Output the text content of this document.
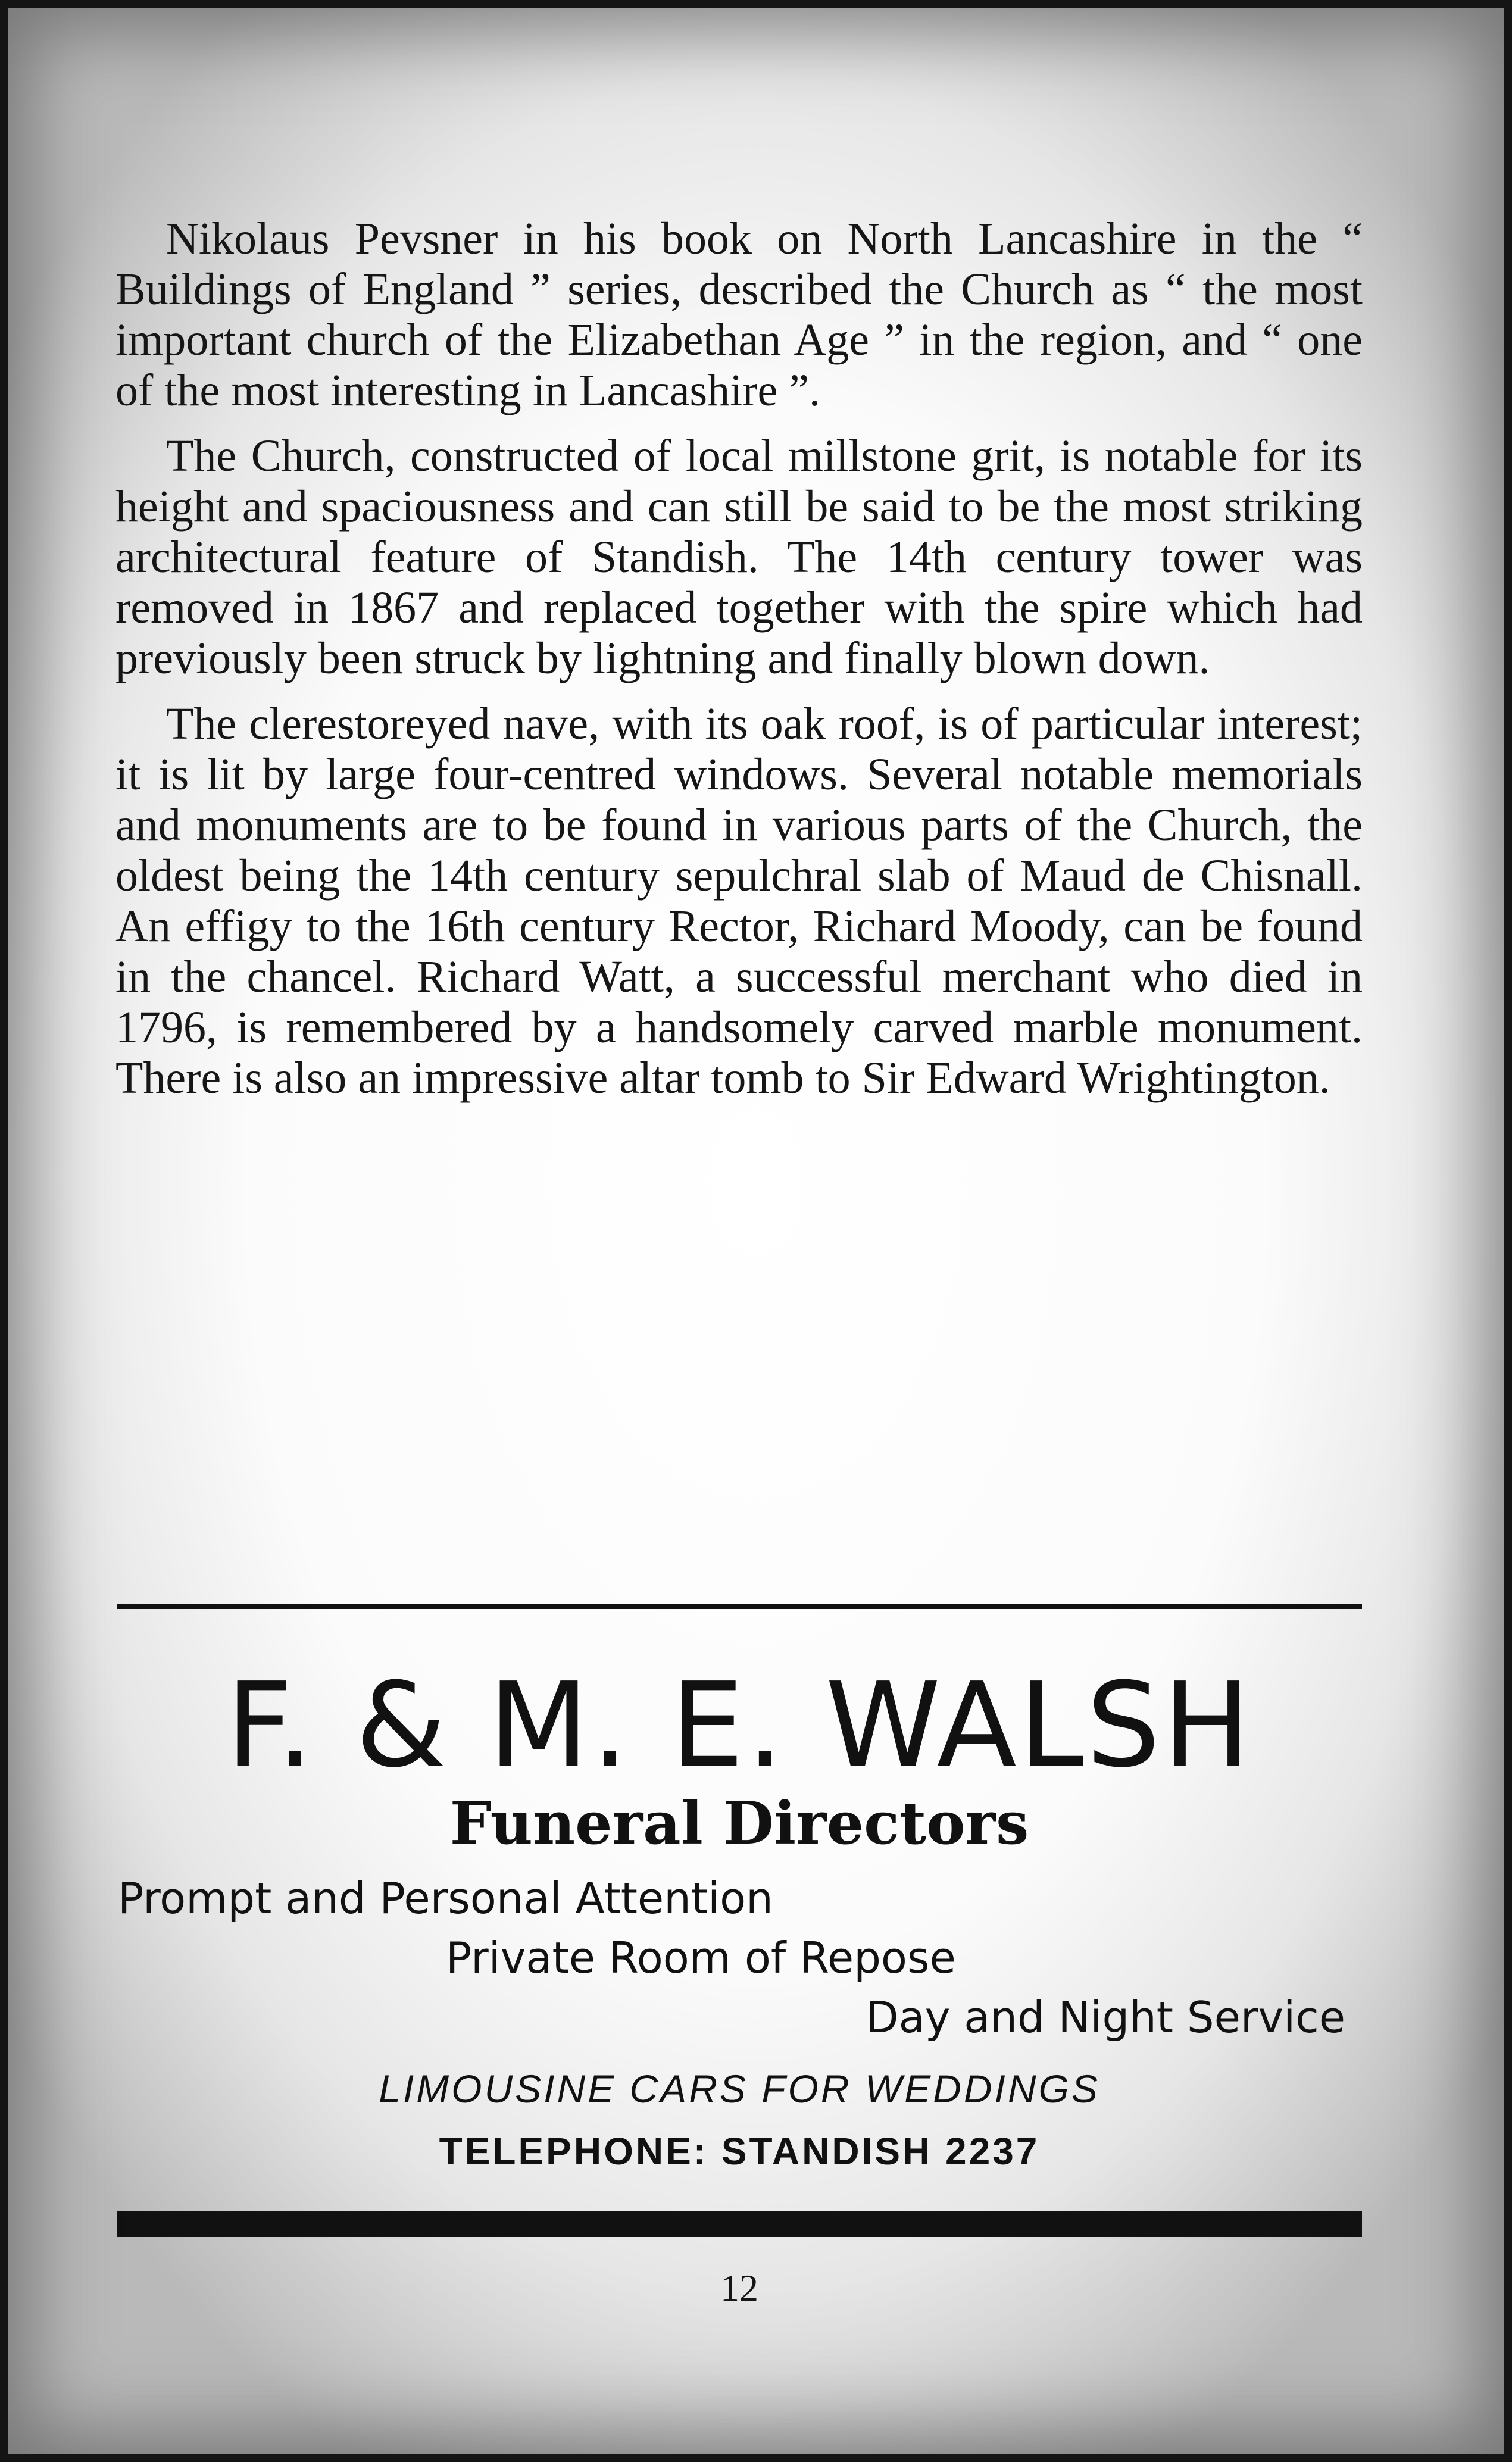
Nikolaus Pevsner in his book on North Lancashire in the “ Buildings of England ” series, described the Church as “ the most important church of the Elizabethan Age ” in the region, and “ one of the most interesting in Lancashire ”.

The Church, constructed of local millstone grit, is notable for its height and spaciousness and can still be said to be the most striking architectural feature of Standish. The 14th century tower was removed in 1867 and replaced together with the spire which had previously been struck by lightning and finally blown down.

The clerestoreyed nave, with its oak roof, is of particular interest; it is lit by large four-centred windows. Several notable memorials and monuments are to be found in various parts of the Church, the oldest being the 14th century sepulchral slab of Maud de Chisnall. An effigy to the 16th century Rector, Richard Moody, can be found in the chancel. Richard Watt, a successful merchant who died in 1796, is remembered by a handsomely carved marble monument. There is also an impressive altar tomb to Sir Edward Wrightington.

F. & M. E. WALSH
Funeral Directors
Prompt and Personal Attention
Private Room of Repose
Day and Night Service
LIMOUSINE CARS FOR WEDDINGS
TELEPHONE: STANDISH 2237
12
